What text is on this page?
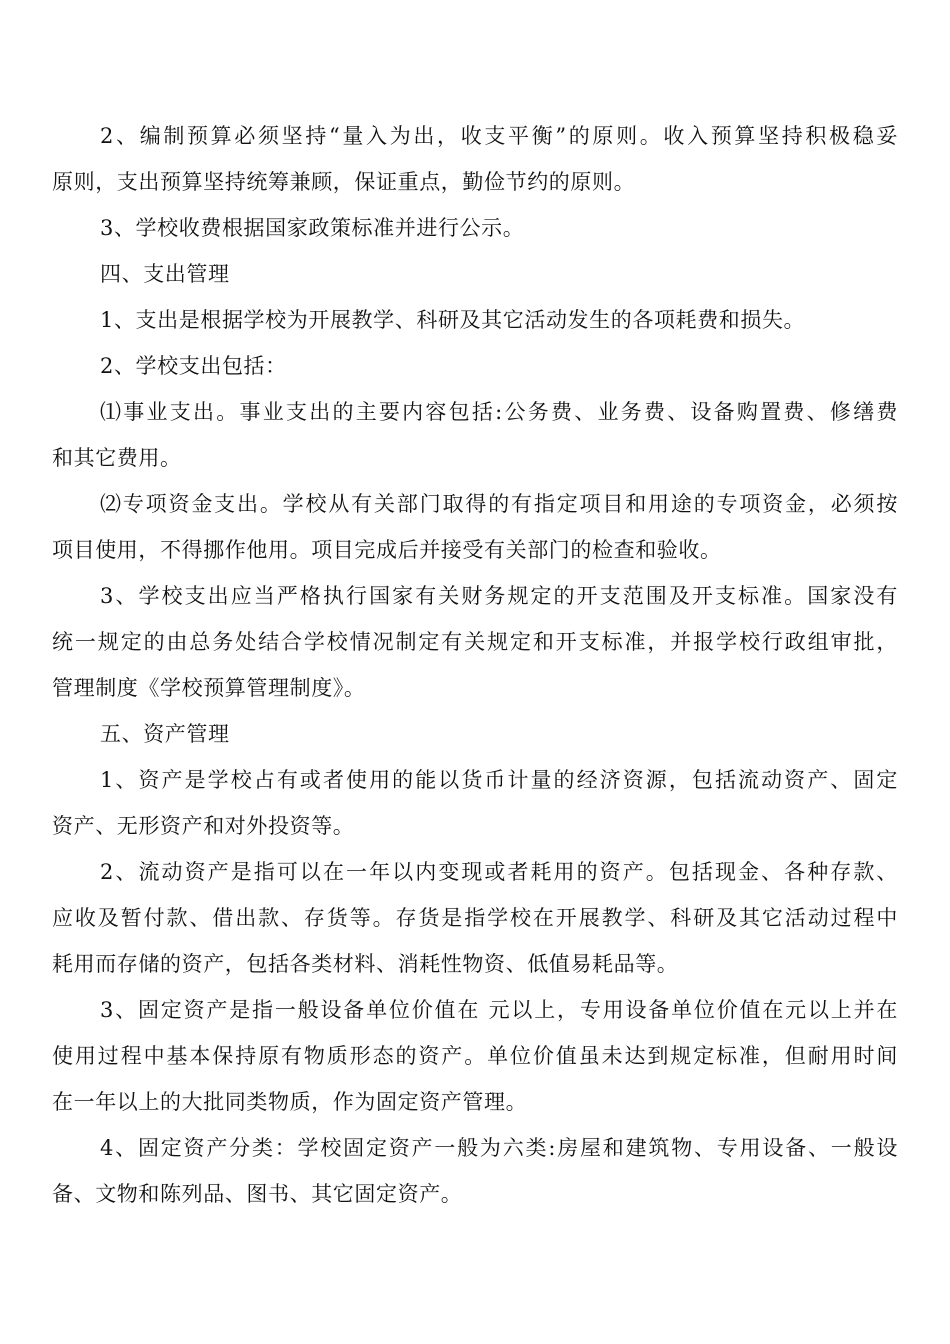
2、编制预算必须坚持“量入为出，收支平衡”的原则。收入预算坚持积极稳妥
原则，支出预算坚持统筹兼顾，保证重点，勤俭节约的原则。

3、学校收费根据国家政策标准并进行公示。

四、支出管理

1、支出是根据学校为开展教学、科研及其它活动发生的各项耗费和损失。

2、学校支出包括：

⑴事业支出。事业支出的主要内容包括:公务费、业务费、设备购置费、修缮费
和其它费用。

⑵专项资金支出。学校从有关部门取得的有指定项目和用途的专项资金，必须按
项目使用，不得挪作他用。项目完成后并接受有关部门的检查和验收。

3、学校支出应当严格执行国家有关财务规定的开支范围及开支标准。国家没有
统一规定的由总务处结合学校情况制定有关规定和开支标准，并报学校行政组审批，
管理制度《学校预算管理制度》。

五、资产管理

1、资产是学校占有或者使用的能以货币计量的经济资源，包括流动资产、固定
资产、无形资产和对外投资等。

2、流动资产是指可以在一年以内变现或者耗用的资产。包括现金、各种存款、
应收及暂付款、借出款、存货等。存货是指学校在开展教学、科研及其它活动过程中
耗用而存储的资产，包括各类材料、消耗性物资、低值易耗品等。

3、固定资产是指一般设备单位价值在 元以上，专用设备单位价值在元以上并在
使用过程中基本保持原有物质形态的资产。单位价值虽未达到规定标准，但耐用时间
在一年以上的大批同类物质，作为固定资产管理。

4、固定资产分类：学校固定资产一般为六类:房屋和建筑物、专用设备、一般设
备、文物和陈列品、图书、其它固定资产。
